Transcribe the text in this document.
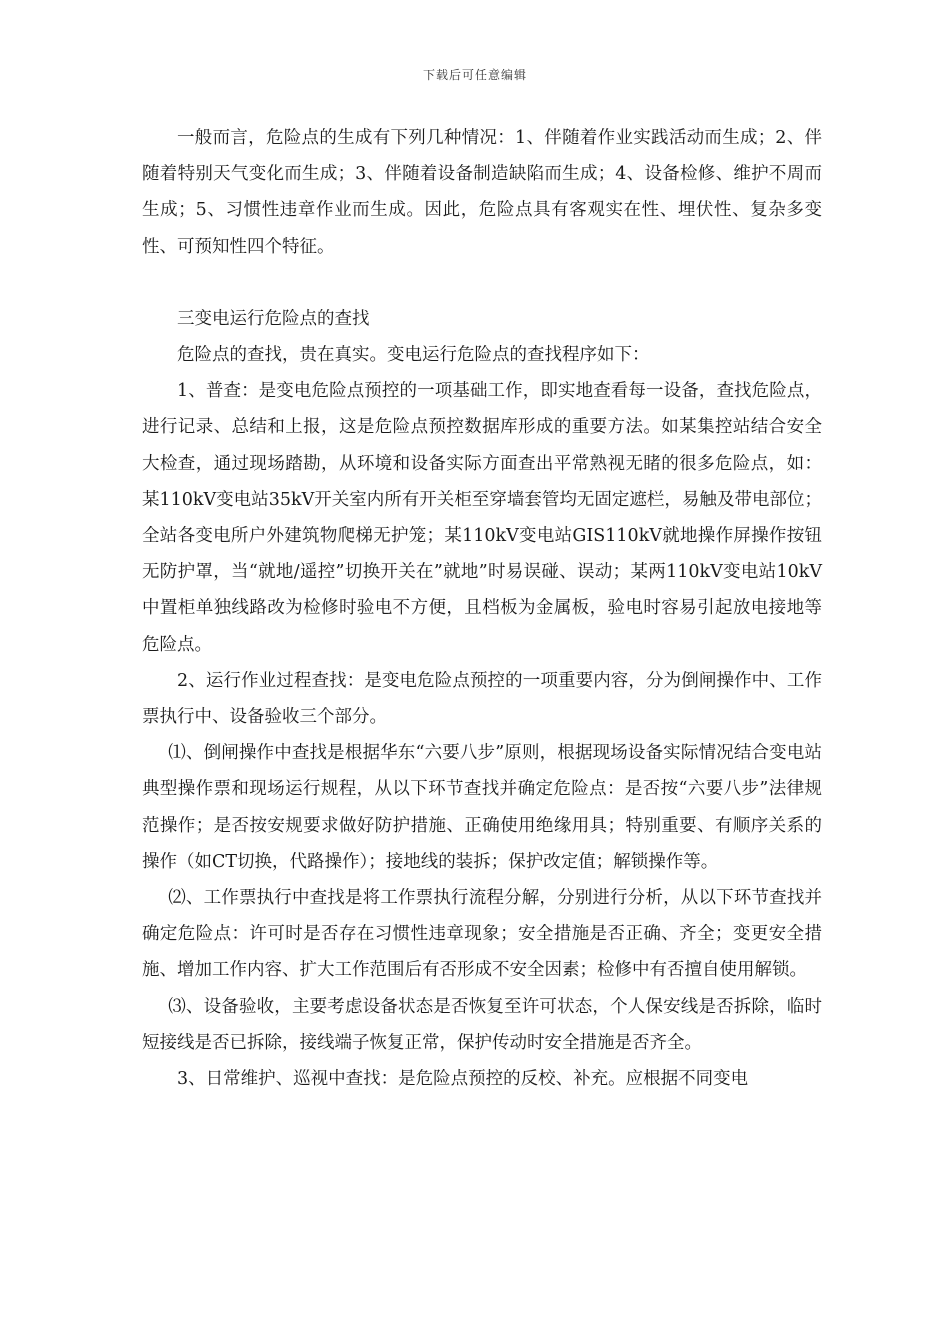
下载后可任意编辑

一般而言，危险点的生成有下列几种情况：1、伴随着作业实践活动而生成；2、伴随着特别天气变化而生成；3、伴随着设备制造缺陷而生成；4、设备检修、维护不周而生成；5、习惯性违章作业而生成。因此，危险点具有客观实在性、埋伏性、复杂多变性、可预知性四个特征。

三变电运行危险点的查找

危险点的查找，贵在真实。变电运行危险点的查找程序如下：

1、普查：是变电危险点预控的一项基础工作，即实地查看每一设备，查找危险点，进行记录、总结和上报，这是危险点预控数据库形成的重要方法。如某集控站结合安全大检查，通过现场踏勘，从环境和设备实际方面查出平常熟视无睹的很多危险点，如：某110kV变电站35kV开关室内所有开关柜至穿墙套管均无固定遮栏，易触及带电部位；全站各变电所户外建筑物爬梯无护笼；某110kV变电站GIS110kV就地操作屏操作按钮无防护罩，当“就地/遥控”切换开关在”就地”时易误碰、误动；某两110kV变电站10kV中置柜单独线路改为检修时验电不方便，且档板为金属板，验电时容易引起放电接地等危险点。

2、运行作业过程查找：是变电危险点预控的一项重要内容，分为倒闸操作中、工作票执行中、设备验收三个部分。

⑴、倒闸操作中查找是根据华东“六要八步”原则，根据现场设备实际情况结合变电站典型操作票和现场运行规程，从以下环节查找并确定危险点：是否按“六要八步”法律规范操作；是否按安规要求做好防护措施、正确使用绝缘用具；特别重要、有顺序关系的操作（如CT切换，代路操作）；接地线的装拆；保护改定值；解锁操作等。

⑵、工作票执行中查找是将工作票执行流程分解，分别进行分析，从以下环节查找并确定危险点：许可时是否存在习惯性违章现象；安全措施是否正确、齐全；变更安全措施、增加工作内容、扩大工作范围后有否形成不安全因素；检修中有否擅自使用解锁。

⑶、设备验收，主要考虑设备状态是否恢复至许可状态，个人保安线是否拆除，临时短接线是否已拆除，接线端子恢复正常，保护传动时安全措施是否齐全。

3、日常维护、巡视中查找：是危险点预控的反校、补充。应根据不同变电
